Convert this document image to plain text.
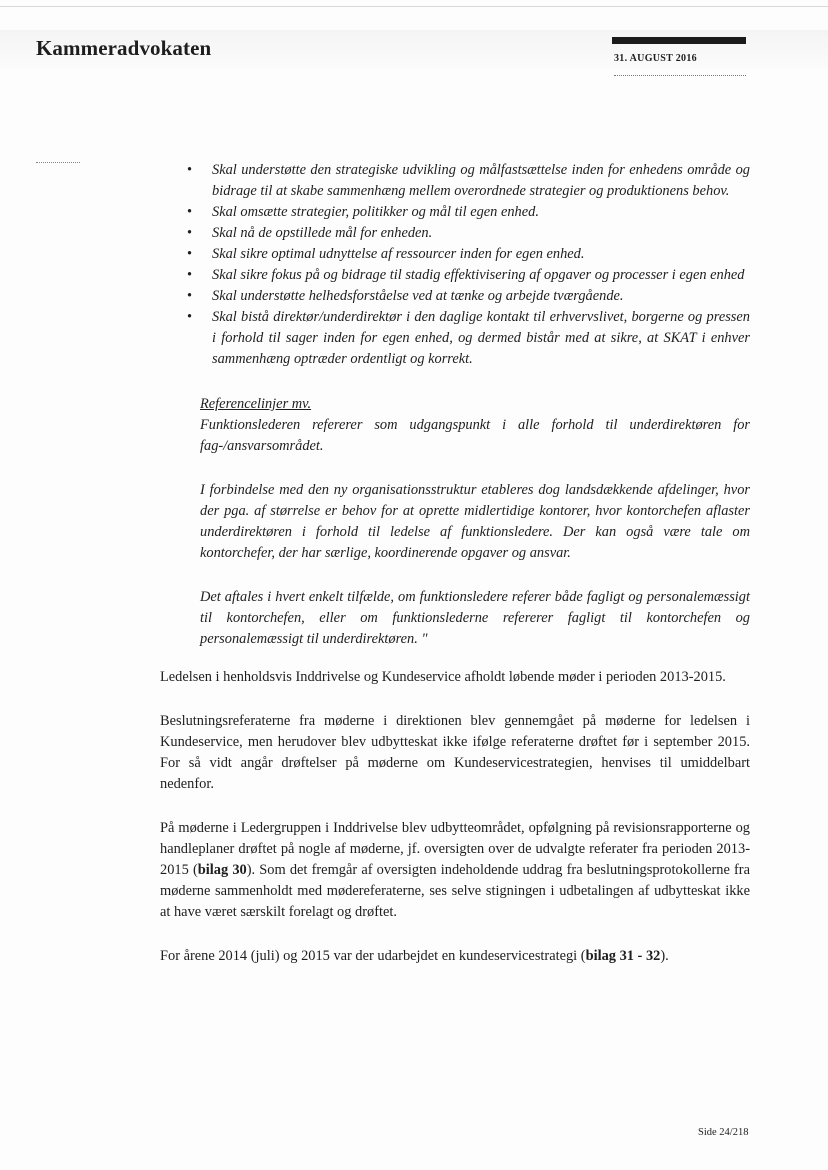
Kammeradvokaten	31. AUGUST 2016
• Skal understøtte den strategiske udvikling og målfastsættelse inden for enhedens område og bidrage til at skabe sammenhæng mellem overordnede strategier og produktionens behov.
• Skal omsætte strategier, politikker og mål til egen enhed.
• Skal nå de opstillede mål for enheden.
• Skal sikre optimal udnyttelse af ressourcer inden for egen enhed.
• Skal sikre fokus på og bidrage til stadig effektivisering af opgaver og processer i egen enhed
• Skal understøtte helhedsforståelse ved at tænke og arbejde tværgående.
• Skal bistå direktør/underdirektør i den daglige kontakt til erhvervslivet, borgerne og pressen i forhold til sager inden for egen enhed, og dermed bistår med at sikre, at SKAT i enhver sammenhæng optræder ordentligt og korrekt.

Referencelinjer mv.

Funktionslederen refererer som udgangspunkt i alle forhold til underdirektøren for fag-/ansvarsområdet.

I forbindelse med den ny organisationsstruktur etableres dog landsdækkende afdelinger, hvor der pga. af størrelse er behov for at oprette midlertidige kontorer, hvor kontorchefen aflaster underdirektøren i forhold til ledelse af funktionsledere. Der kan også være tale om kontorchefer, der har særlige, koordinerende opgaver og ansvar.

Det aftales i hvert enkelt tilfælde, om funktionsledere referer både fagligt og personalemæssigt til kontorchefen, eller om funktionslederne refererer fagligt til kontorchefen og personalemæssigt til underdirektøren. "

Ledelsen i henholdsvis Inddrivelse og Kundeservice afholdt løbende møder i perioden 2013-2015.

Beslutningsreferaterne fra møderne i direktionen blev gennemgået på møderne for ledelsen i Kundeservice, men herudover blev udbytteskat ikke ifølge referaterne drøftet før i september 2015. For så vidt angår drøftelser på møderne om Kundeservicestrategien, henvises til umiddelbart nedenfor.

På møderne i Ledergruppen i Inddrivelse blev udbytteområdet, opfølgning på revisionsrapporterne og handleplaner drøftet på nogle af møderne, jf. oversigten over de udvalgte referater fra perioden 2013-2015 (bilag 30). Som det fremgår af oversigten indeholdende uddrag fra beslutningsprotokollerne fra møderne sammenholdt med mødereferaterne, ses selve stigningen i udbetalingen af udbytteskat ikke at have været særskilt forelagt og drøftet.

For årene 2014 (juli) og 2015 var der udarbejdet en kundeservicestrategi (bilag 31 - 32).

Side 24/218
